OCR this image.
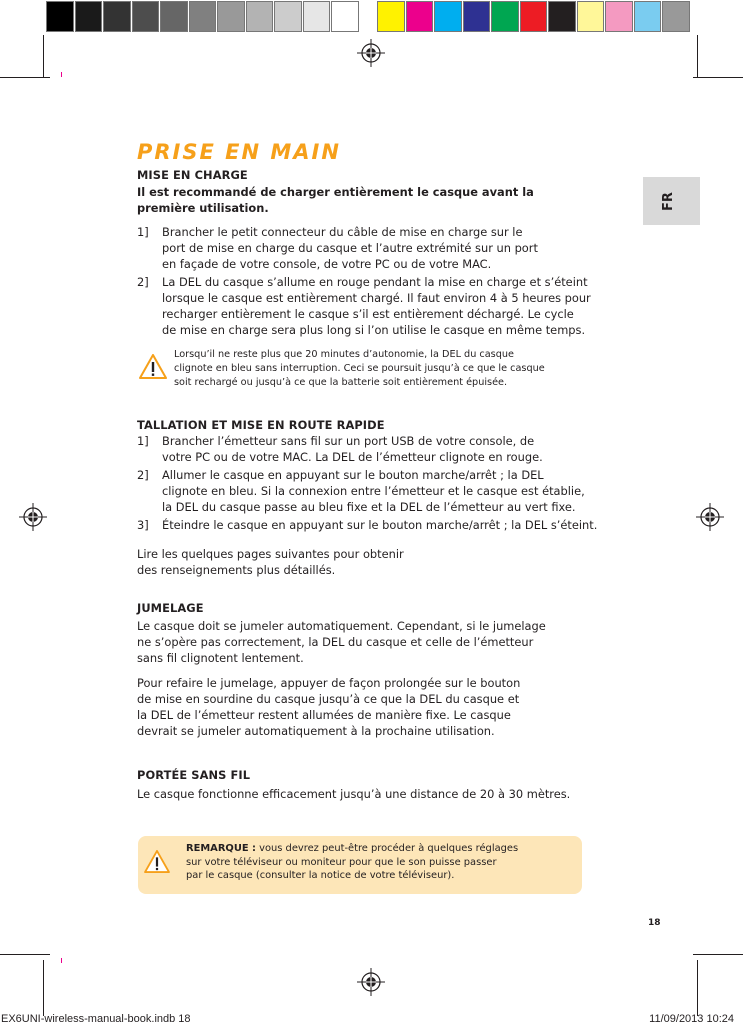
FR
PRISE EN MAIN
MISE EN CHARGE
Il est recommandé de charger entièrement le casque avant la
première utilisation.
1] Brancher le petit connecteur du câble de mise en charge sur le
port de mise en charge du casque et l’autre extrémité sur un port
en façade de votre console, de votre PC ou de votre MAC.
2] La DEL du casque s’allume en rouge pendant la mise en charge et s’éteint
lorsque le casque est entièrement chargé. Il faut environ 4 à 5 heures pour
recharger entièrement le casque s’il est entièrement déchargé. Le cycle
de mise en charge sera plus long si l’on utilise le casque en même temps.
Lorsqu’il ne reste plus que 20 minutes d’autonomie, la DEL du casque
clignote en bleu sans interruption. Ceci se poursuit jusqu’à ce que le casque
soit rechargé ou jusqu’à ce que la batterie soit entièrement épuisée.
TALLATION ET MISE EN ROUTE RAPIDE
1] Brancher l’émetteur sans fil sur un port USB de votre console, de
votre PC ou de votre MAC. La DEL de l’émetteur clignote en rouge.
2] Allumer le casque en appuyant sur le bouton marche/arrêt ; la DEL
clignote en bleu. Si la connexion entre l’émetteur et le casque est établie,
la DEL du casque passe au bleu fixe et la DEL de l’émetteur au vert fixe.
3] Éteindre le casque en appuyant sur le bouton marche/arrêt ; la DEL s’éteint.
Lire les quelques pages suivantes pour obtenir
des renseignements plus détaillés.
JUMELAGE
Le casque doit se jumeler automatiquement. Cependant, si le jumelage
ne s’opère pas correctement, la DEL du casque et celle de l’émetteur
sans fil clignotent lentement.
Pour refaire le jumelage, appuyer de façon prolongée sur le bouton
de mise en sourdine du casque jusqu’à ce que la DEL du casque et
la DEL de l’émetteur restent allumées de manière fixe. Le casque
devrait se jumeler automatiquement à la prochaine utilisation.
PORTÉE SANS FIL
Le casque fonctionne efficacement jusqu’à une distance de 20 à 30 mètres.
REMARQUE : vous devrez peut-être procéder à quelques réglages
sur votre téléviseur ou moniteur pour que le son puisse passer
par le casque (consulter la notice de votre téléviseur).
18
EX6UNI-wireless-manual-book.indb 18	11/09/2013 10:24
